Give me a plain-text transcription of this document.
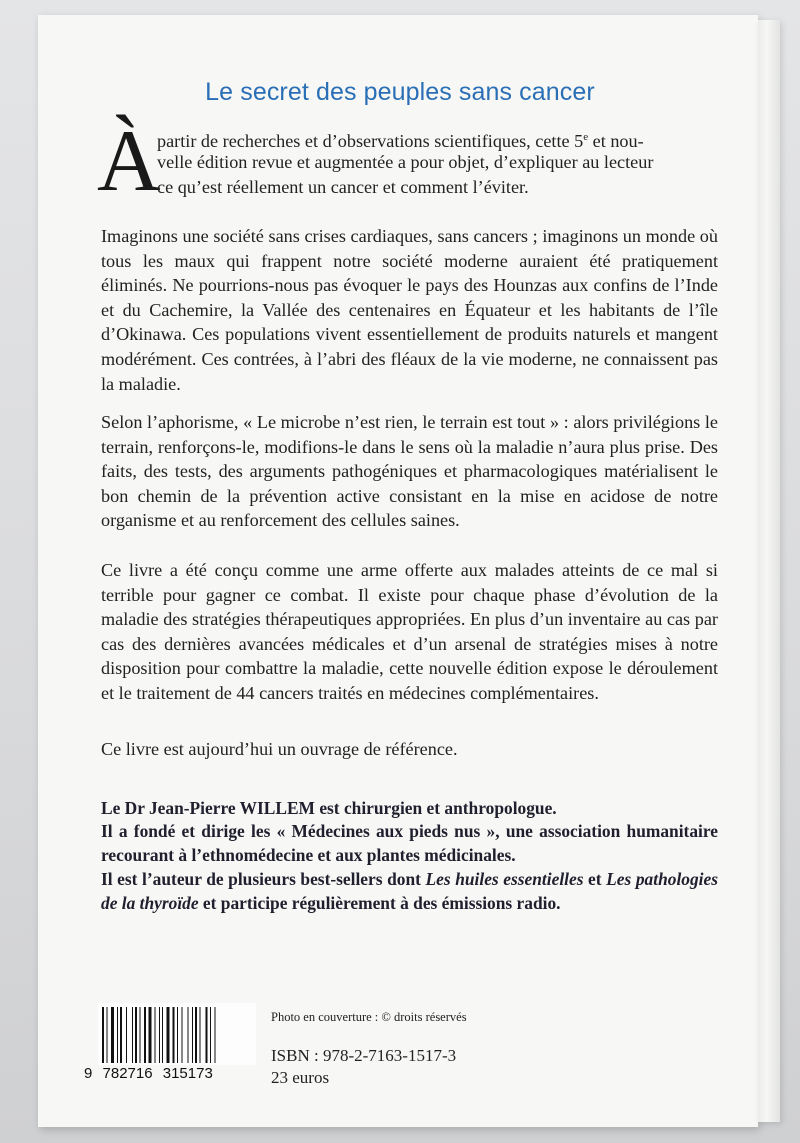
Le secret des peuples sans cancer
À
partir de recherches et d’observations scientifiques, cette 5e et nou-
velle édition revue et augmentée a pour objet, d’expliquer au lecteur
ce qu’est réellement un cancer et comment l’éviter.
Imaginons une société sans crises cardiaques, sans cancers ; imaginons un monde où tous les maux qui frappent notre société moderne auraient été pratiquement éliminés. Ne pourrions-nous pas évoquer le pays des Hounzas aux confins de l’Inde et du Cachemire, la Vallée des centenaires en Équateur et les habitants de l’île d’Okinawa. Ces populations vivent essentiellement de produits naturels et mangent modérément. Ces contrées, à l’abri des fléaux de la vie moderne, ne connaissent pas la maladie.
Selon l’aphorisme, « Le microbe n’est rien, le terrain est tout » : alors privilégions le terrain, renforçons-le, modifions-le dans le sens où la maladie n’aura plus prise. Des faits, des tests, des arguments pathogéniques et pharmacologiques matérialisent le bon chemin de la prévention active consistant en la mise en acidose de notre organisme et au renforcement des cellules saines.
Ce livre a été conçu comme une arme offerte aux malades atteints de ce mal si terrible pour gagner ce combat. Il existe pour chaque phase d’évolution de la maladie des stratégies thérapeutiques appropriées. En plus d’un inventaire au cas par cas des dernières avancées médicales et d’un arsenal de stratégies mises à notre disposition pour combattre la maladie, cette nouvelle édition expose le déroulement et le traitement de 44 cancers traités en médecines complémentaires.
Ce livre est aujourd’hui un ouvrage de référence.
Le Dr Jean-Pierre WILLEM est chirurgien et anthropologue.
Il a fondé et dirige les « Médecines aux pieds nus », une association humanitaire recourant à l’ethnomédecine et aux plantes médicinales.
Il est l’auteur de plusieurs best-sellers dont Les huiles essentielles et Les pathologies de la thyroïde et participe régulièrement à des émissions radio.
9 782716 315173
Photo en couverture : © droits réservés
ISBN : 978-2-7163-1517-3
23 euros
